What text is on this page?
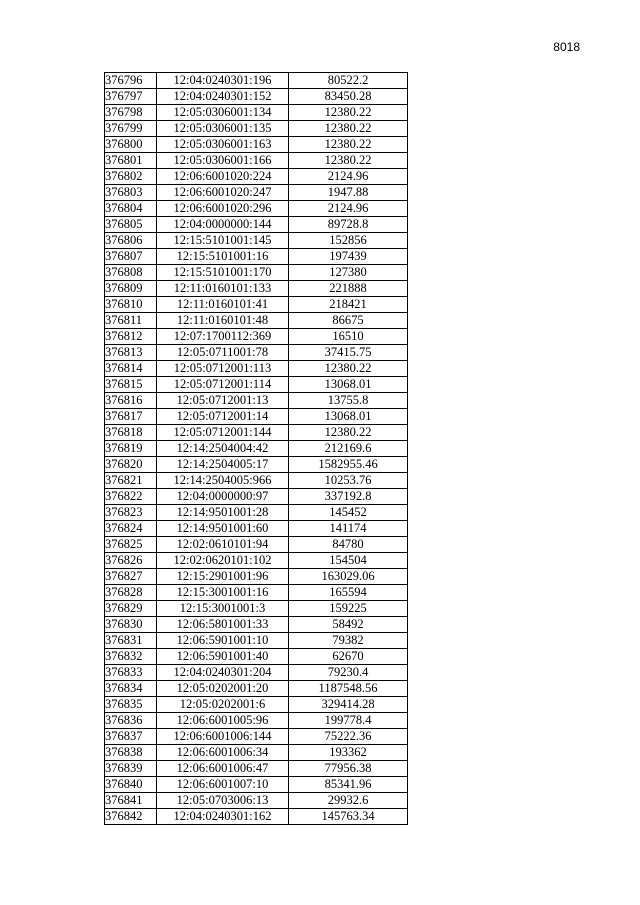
8018
376796	12:04:0240301:196	80522.2
376797	12:04:0240301:152	83450.28
376798	12:05:0306001:134	12380.22
376799	12:05:0306001:135	12380.22
376800	12:05:0306001:163	12380.22
376801	12:05:0306001:166	12380.22
376802	12:06:6001020:224	2124.96
376803	12:06:6001020:247	1947.88
376804	12:06:6001020:296	2124.96
376805	12:04:0000000:144	89728.8
376806	12:15:5101001:145	152856
376807	12:15:5101001:16	197439
376808	12:15:5101001:170	127380
376809	12:11:0160101:133	221888
376810	12:11:0160101:41	218421
376811	12:11:0160101:48	86675
376812	12:07:1700112:369	16510
376813	12:05:0711001:78	37415.75
376814	12:05:0712001:113	12380.22
376815	12:05:0712001:114	13068.01
376816	12:05:0712001:13	13755.8
376817	12:05:0712001:14	13068.01
376818	12:05:0712001:144	12380.22
376819	12:14:2504004:42	212169.6
376820	12:14:2504005:17	1582955.46
376821	12:14:2504005:966	10253.76
376822	12:04:0000000:97	337192.8
376823	12:14:9501001:28	145452
376824	12:14:9501001:60	141174
376825	12:02:0610101:94	84780
376826	12:02:0620101:102	154504
376827	12:15:2901001:96	163029.06
376828	12:15:3001001:16	165594
376829	12:15:3001001:3	159225
376830	12:06:5801001:33	58492
376831	12:06:5901001:10	79382
376832	12:06:5901001:40	62670
376833	12:04:0240301:204	79230.4
376834	12:05:0202001:20	1187548.56
376835	12:05:0202001:6	329414.28
376836	12:06:6001005:96	199778.4
376837	12:06:6001006:144	75222.36
376838	12:06:6001006:34	193362
376839	12:06:6001006:47	77956.38
376840	12:06:6001007:10	85341.96
376841	12:05:0703006:13	29932.6
376842	12:04:0240301:162	145763.34
